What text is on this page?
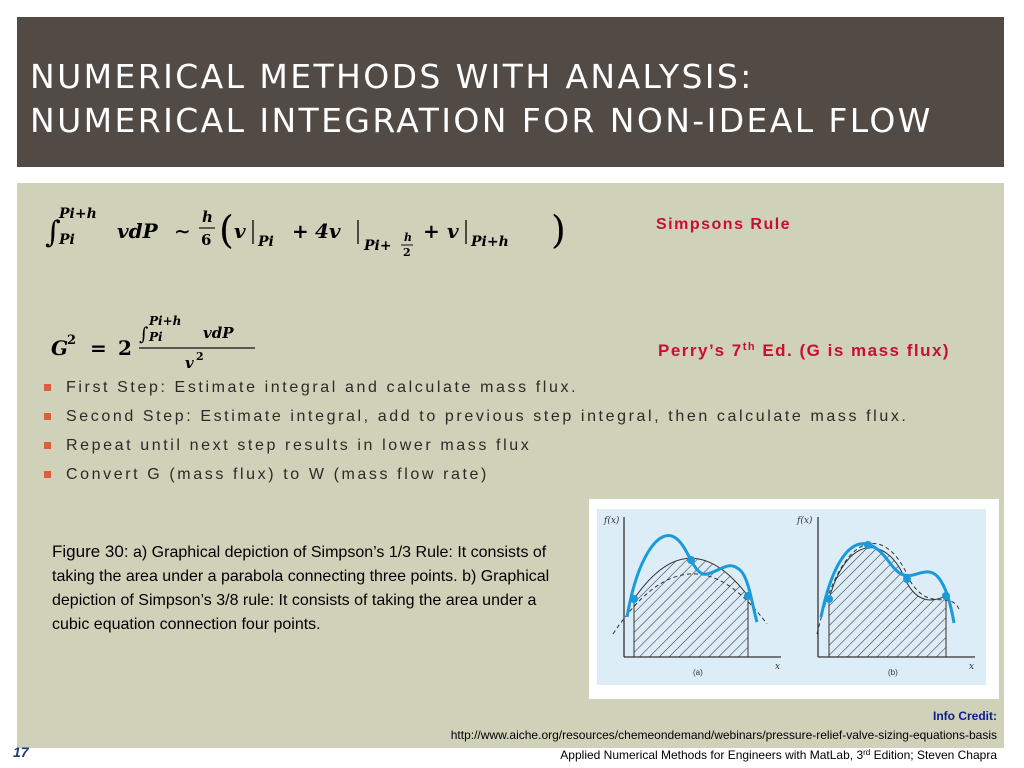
NUMERICAL METHODS WITH ANALYSIS:
NUMERICAL INTEGRATION FOR NON-IDEAL FLOW
∫
Pi+h
Pi vdP ∼
h
6 ( v Pi + 4v
Pi+
h
2
+ v Pi+h )	Simpsons Rule
G
2 = 2
∫
Pi+h
Pi	vdP
v 2	Perry’s 7th Ed. (G is mass flux)
First Step: Estimate integral and calculate mass flux.
Second Step: Estimate integral, add to previous step integral, then calculate mass flux.
Repeat until next step results in lower mass flux
Convert G (mass flux) to W (mass flow rate)
Figure 30: a) Graphical depiction of Simpson’s 1/3 Rule: It consists of taking the area under a parabola connecting three points. b) Graphical depiction of Simpson’s 3/8 rule: It consists of taking the area under a cubic equation connection four points.
f(x)
x
(a)
f(x)
x
(b)
Info Credit:
http://www.aiche.org/resources/chemeondemand/webinars/pressure-relief-valve-sizing-equations-basis
Applied Numerical Methods for Engineers with MatLab, 3rd Edition; Steven Chapra
17
